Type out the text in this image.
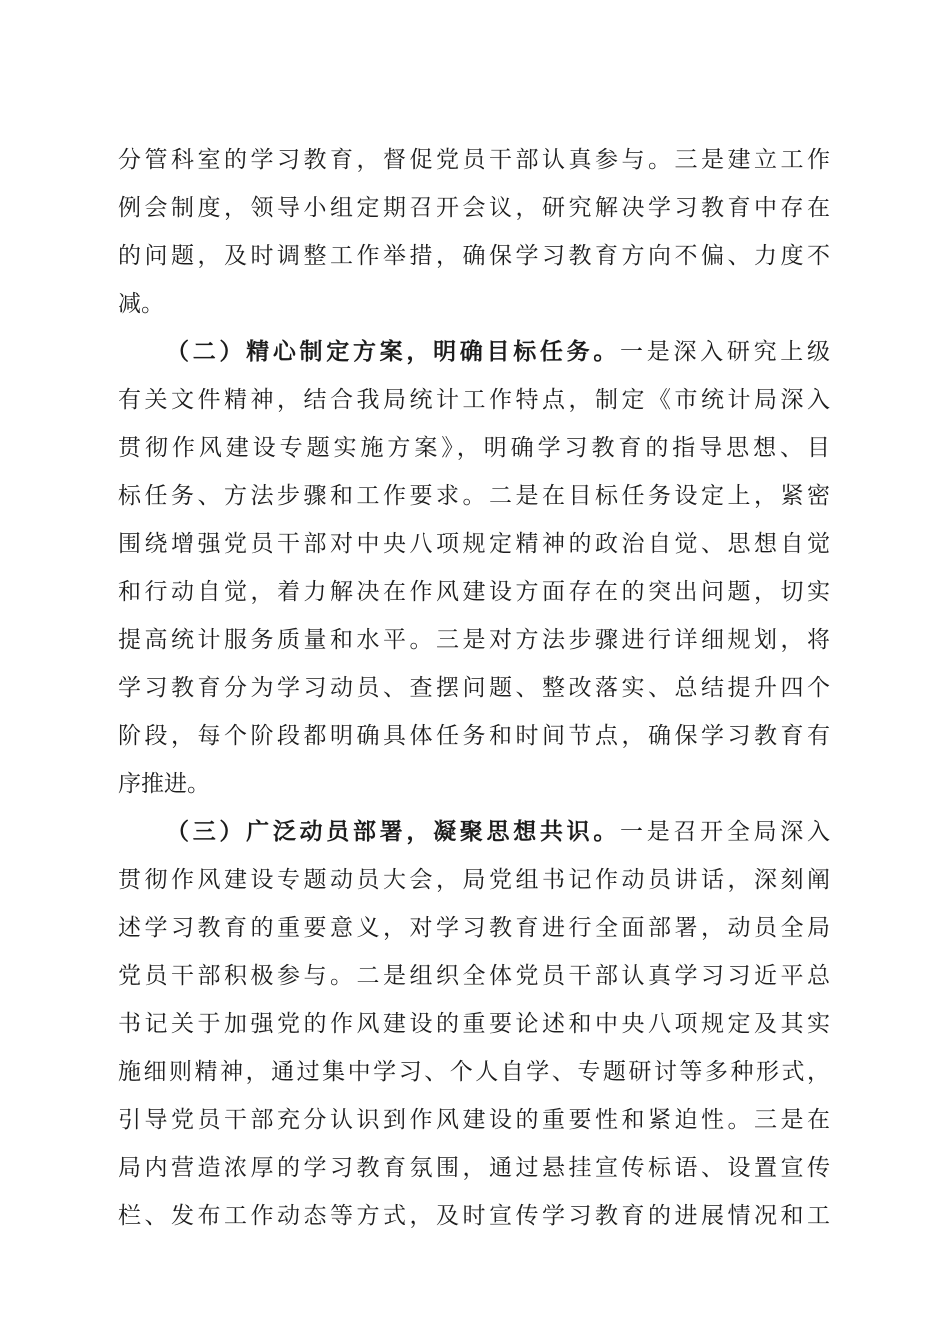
分管科室的学习教育，督促党员干部认真参与。三是建立工作
例会制度，领导小组定期召开会议，研究解决学习教育中存在
的问题，及时调整工作举措，确保学习教育方向不偏、力度不
减。
（二）精心制定方案，明确目标任务。一是深入研究上级
有关文件精神，结合我局统计工作特点，制定《市统计局深入
贯彻作风建设专题实施方案》，明确学习教育的指导思想、目
标任务、方法步骤和工作要求。二是在目标任务设定上，紧密
围绕增强党员干部对中央八项规定精神的政治自觉、思想自觉
和行动自觉，着力解决在作风建设方面存在的突出问题，切实
提高统计服务质量和水平。三是对方法步骤进行详细规划，将
学习教育分为学习动员、查摆问题、整改落实、总结提升四个
阶段，每个阶段都明确具体任务和时间节点，确保学习教育有
序推进。
（三）广泛动员部署，凝聚思想共识。一是召开全局深入
贯彻作风建设专题动员大会，局党组书记作动员讲话，深刻阐
述学习教育的重要意义，对学习教育进行全面部署，动员全局
党员干部积极参与。二是组织全体党员干部认真学习习近平总
书记关于加强党的作风建设的重要论述和中央八项规定及其实
施细则精神，通过集中学习、个人自学、专题研讨等多种形式，
引导党员干部充分认识到作风建设的重要性和紧迫性。三是在
局内营造浓厚的学习教育氛围，通过悬挂宣传标语、设置宣传
栏、发布工作动态等方式，及时宣传学习教育的进展情况和工
